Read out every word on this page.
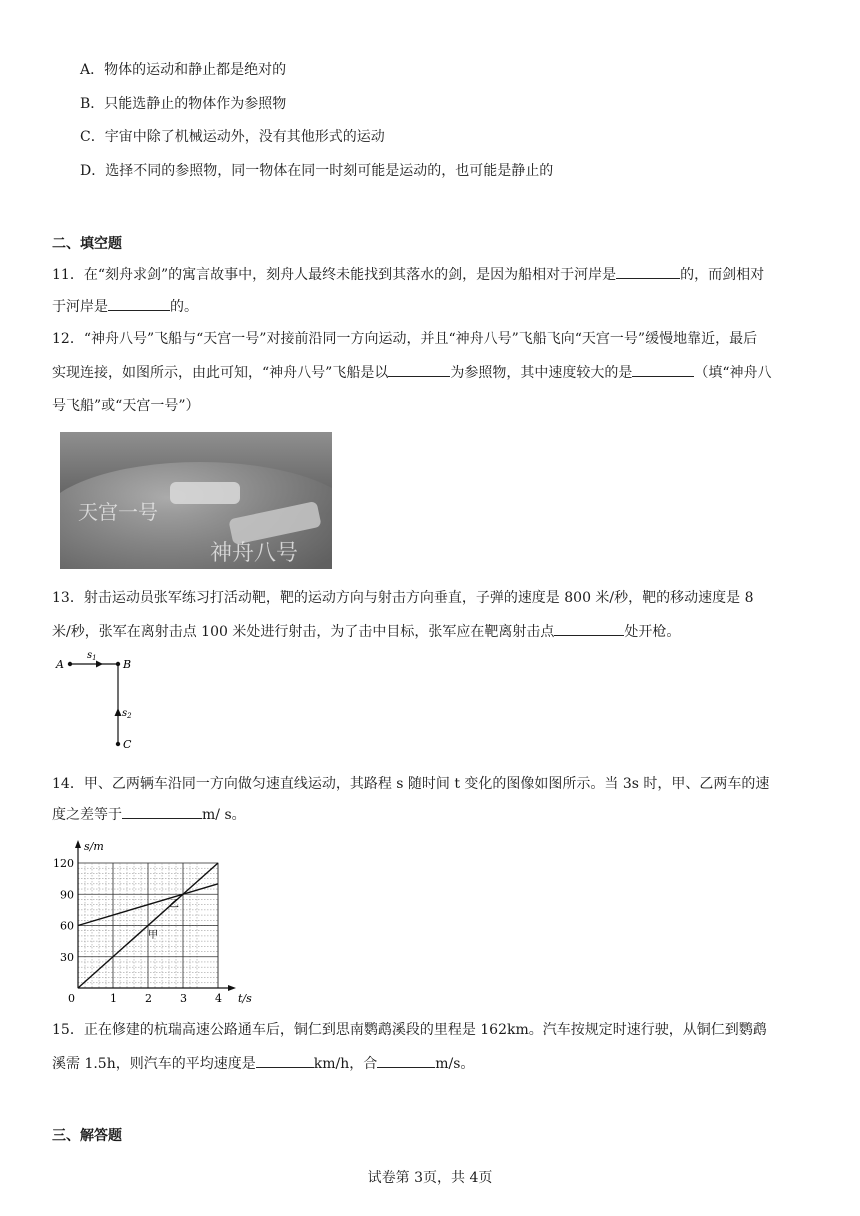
A．物体的运动和静止都是绝对的
B．只能选静止的物体作为参照物
C．宇宙中除了机械运动外，没有其他形式的运动
D．选择不同的参照物，同一物体在同一时刻可能是运动的，也可能是静止的
二、填空题
11．在“刻舟求剑”的寓言故事中，刻舟人最终未能找到其落水的剑，是因为船相对于河岸是	的，而剑相对
于河岸是	的。
12．“神舟八号”飞船与“天宫一号”对接前沿同一方向运动，并且“神舟八号”飞船飞向“天宫一号”缓慢地靠近，最后
实现连接，如图所示，由此可知，“神舟八号”飞船是以	为参照物，其中速度较大的是	（填“神舟八
号飞船”或“天宫一号”）
天宫一号
神舟八号
13．射击运动员张军练习打活动靶，靶的运动方向与射击方向垂直，子弹的速度是 800 米/秒，靶的移动速度是 8
米/秒，张军在离射击点 100 米处进行射击，为了击中目标，张军应在靶离射击点	处开枪。
A
$s_1$ B
$s_2$
C
14．甲、乙两辆车沿同一方向做匀速直线运动，其路程 s 随时间 t 变化的图像如图所示。当 3s 时，甲、乙两车的速
度之差等于	m/ s。
0	1	2	3	4
30
60
90
120
t/s
s/m
乙
甲
15．正在修建的杭瑞高速公路通车后，铜仁到思南鹦鹉溪段的里程是 162km。汽车按规定时速行驶，从铜仁到鹦鹉
溪需 1.5h，则汽车的平均速度是	km/h，合	m/s。
三、解答题
试卷第 3页，共 4页
